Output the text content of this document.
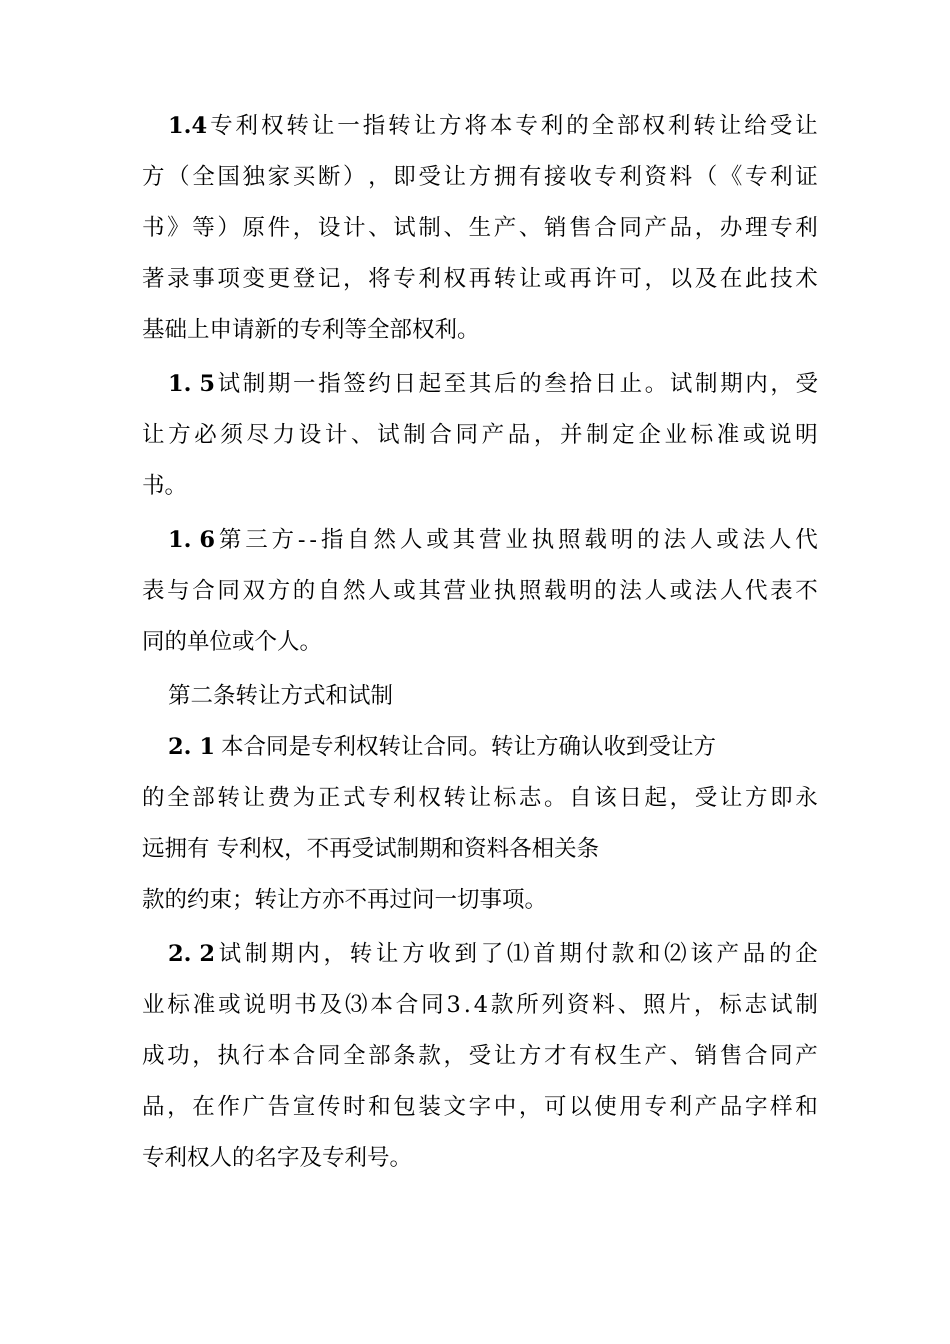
1.4 专 利 权 转 让 一 指 转 让 方 将 本 专 利 的 全 部 权 利 转 让 给 受 让
方 （ 全 国 独 家 买 断 ） ， 即 受 让 方 拥 有 接 收 专 利 资 料 （ 《 专 利 证
书 》 等 ） 原 件 ， 设 计 、 试 制 、 生 产 、 销 售 合 同 产 品 ， 办 理 专 利
著 录 事 项 变 更 登 记 ， 将 专 利 权 再 转 让 或 再 许 可 ， 以 及 在 此 技 术
基础上申请新的专利等全部权利。
1. 5 试 制 期 一 指 签 约 日 起 至 其 后 的 叁 拾 日 止 。 试 制 期 内 ， 受
让 方 必 须 尽 力 设 计 、 试 制 合 同 产 品 ， 并 制 定 企 业 标 准 或 说 明
书。
1. 6 第 三 方 - - 指 自 然 人 或 其 营 业 执 照 载 明 的 法 人 或 法 人 代
表 与 合 同 双 方 的 自 然 人 或 其 营 业 执 照 载 明 的 法 人 或 法 人 代 表 不
同的单位或个人。
第二条转让方式和试制
2. 1 本合同是专利权转让合同。转让方确认收到受让方
的 全 部 转 让 费 为 正 式 专 利 权 转 让 标 志 。 自 该 日 起 ， 受 让 方 即 永
远拥有 专利权，不再受试制期和资料各相关条
款的约束；转让方亦不再过问一切事项。
2. 2 试 制 期 内 ， 转 让 方 收 到 了 ⑴ 首 期 付 款 和 ⑵ 该 产 品 的 企
业 标 准 或 说 明 书 及 ⑶ 本 合 同 3 . 4 款 所 列 资 料 、 照 片 ， 标 志 试 制
成 功 ， 执 行 本 合 同 全 部 条 款 ， 受 让 方 才 有 权 生 产 、 销 售 合 同 产
品 ， 在 作 广 告 宣 传 时 和 包 装 文 字 中 ， 可 以 使 用 专 利 产 品 字 样 和
专利权人的名字及专利号。
